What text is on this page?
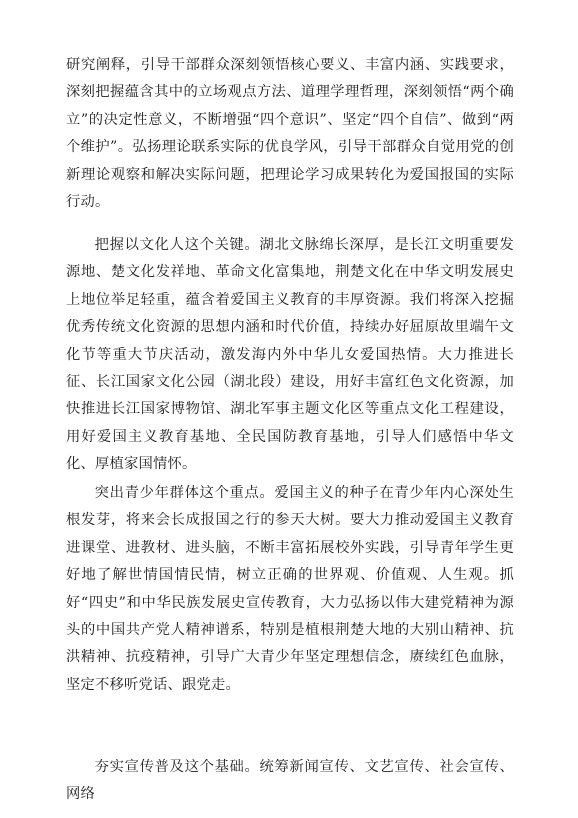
研究阐释，引导干部群众深刻领悟核心要义、丰富内涵、实践要求，深刻把握蕴含其中的立场观点方法、道理学理哲理，深刻领悟“两个确立”的决定性意义，不断增强“四个意识”、坚定“四个自信”、做到“两个维护”。弘扬理论联系实际的优良学风，引导干部群众自觉用党的创新理论观察和解决实际问题，把理论学习成果转化为爱国报国的实际行动。

把握以文化人这个关键。湖北文脉绵长深厚，是长江文明重要发源地、楚文化发祥地、革命文化富集地，荆楚文化在中华文明发展史上地位举足轻重，蕴含着爱国主义教育的丰厚资源。我们将深入挖掘优秀传统文化资源的思想内涵和时代价值，持续办好屈原故里端午文化节等重大节庆活动，激发海内外中华儿女爱国热情。大力推进长征、长江国家文化公园（湖北段）建设，用好丰富红色文化资源，加快推进长江国家博物馆、湖北军事主题文化区等重点文化工程建设，用好爱国主义教育基地、全民国防教育基地，引导人们感悟中华文化、厚植家国情怀。

突出青少年群体这个重点。爱国主义的种子在青少年内心深处生根发芽，将来会长成报国之行的参天大树。要大力推动爱国主义教育进课堂、进教材、进头脑，不断丰富拓展校外实践，引导青年学生更好地了解世情国情民情，树立正确的世界观、价值观、人生观。抓好“四史”和中华民族发展史宣传教育，大力弘扬以伟大建党精神为源头的中国共产党人精神谱系，特别是植根荆楚大地的大别山精神、抗洪精神、抗疫精神，引导广大青少年坚定理想信念，赓续红色血脉，坚定不移听党话、跟党走。

夯实宣传普及这个基础。统筹新闻宣传、文艺宣传、社会宣传、网络
